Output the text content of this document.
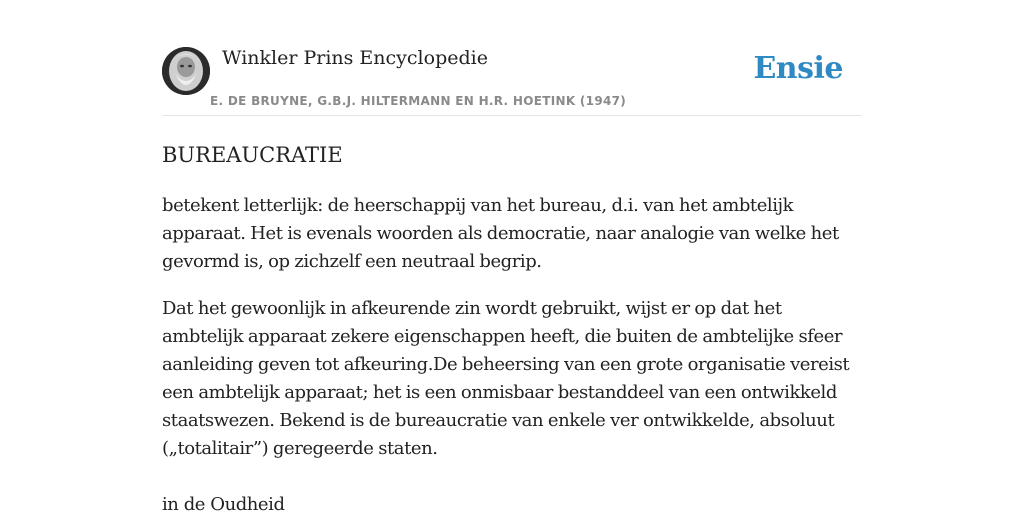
Winkler Prins Encyclopedie
E. DE BRUYNE, G.B.J. HILTERMANN EN H.R. HOETINK (1947)
Ensie
BUREAUCRATIE

betekent letterlijk: de heerschappij van het bureau, d.i. van het ambtelijk apparaat. Het is evenals woorden als democratie, naar analogie van welke het gevormd is, op zichzelf een neutraal begrip.

Dat het gewoonlijk in afkeurende zin wordt gebruikt, wijst er op dat het ambtelijk apparaat zekere eigenschappen heeft, die buiten de ambtelijke sfeer aanleiding geven tot afkeuring.De beheersing van een grote organisatie vereist een ambtelijk apparaat; het is een onmisbaar bestanddeel van een ontwikkeld staatswezen. Bekend is de bureaucratie van enkele ver ontwikkelde, absoluut („totalitair”) geregeerde staten.

in de Oudheid
